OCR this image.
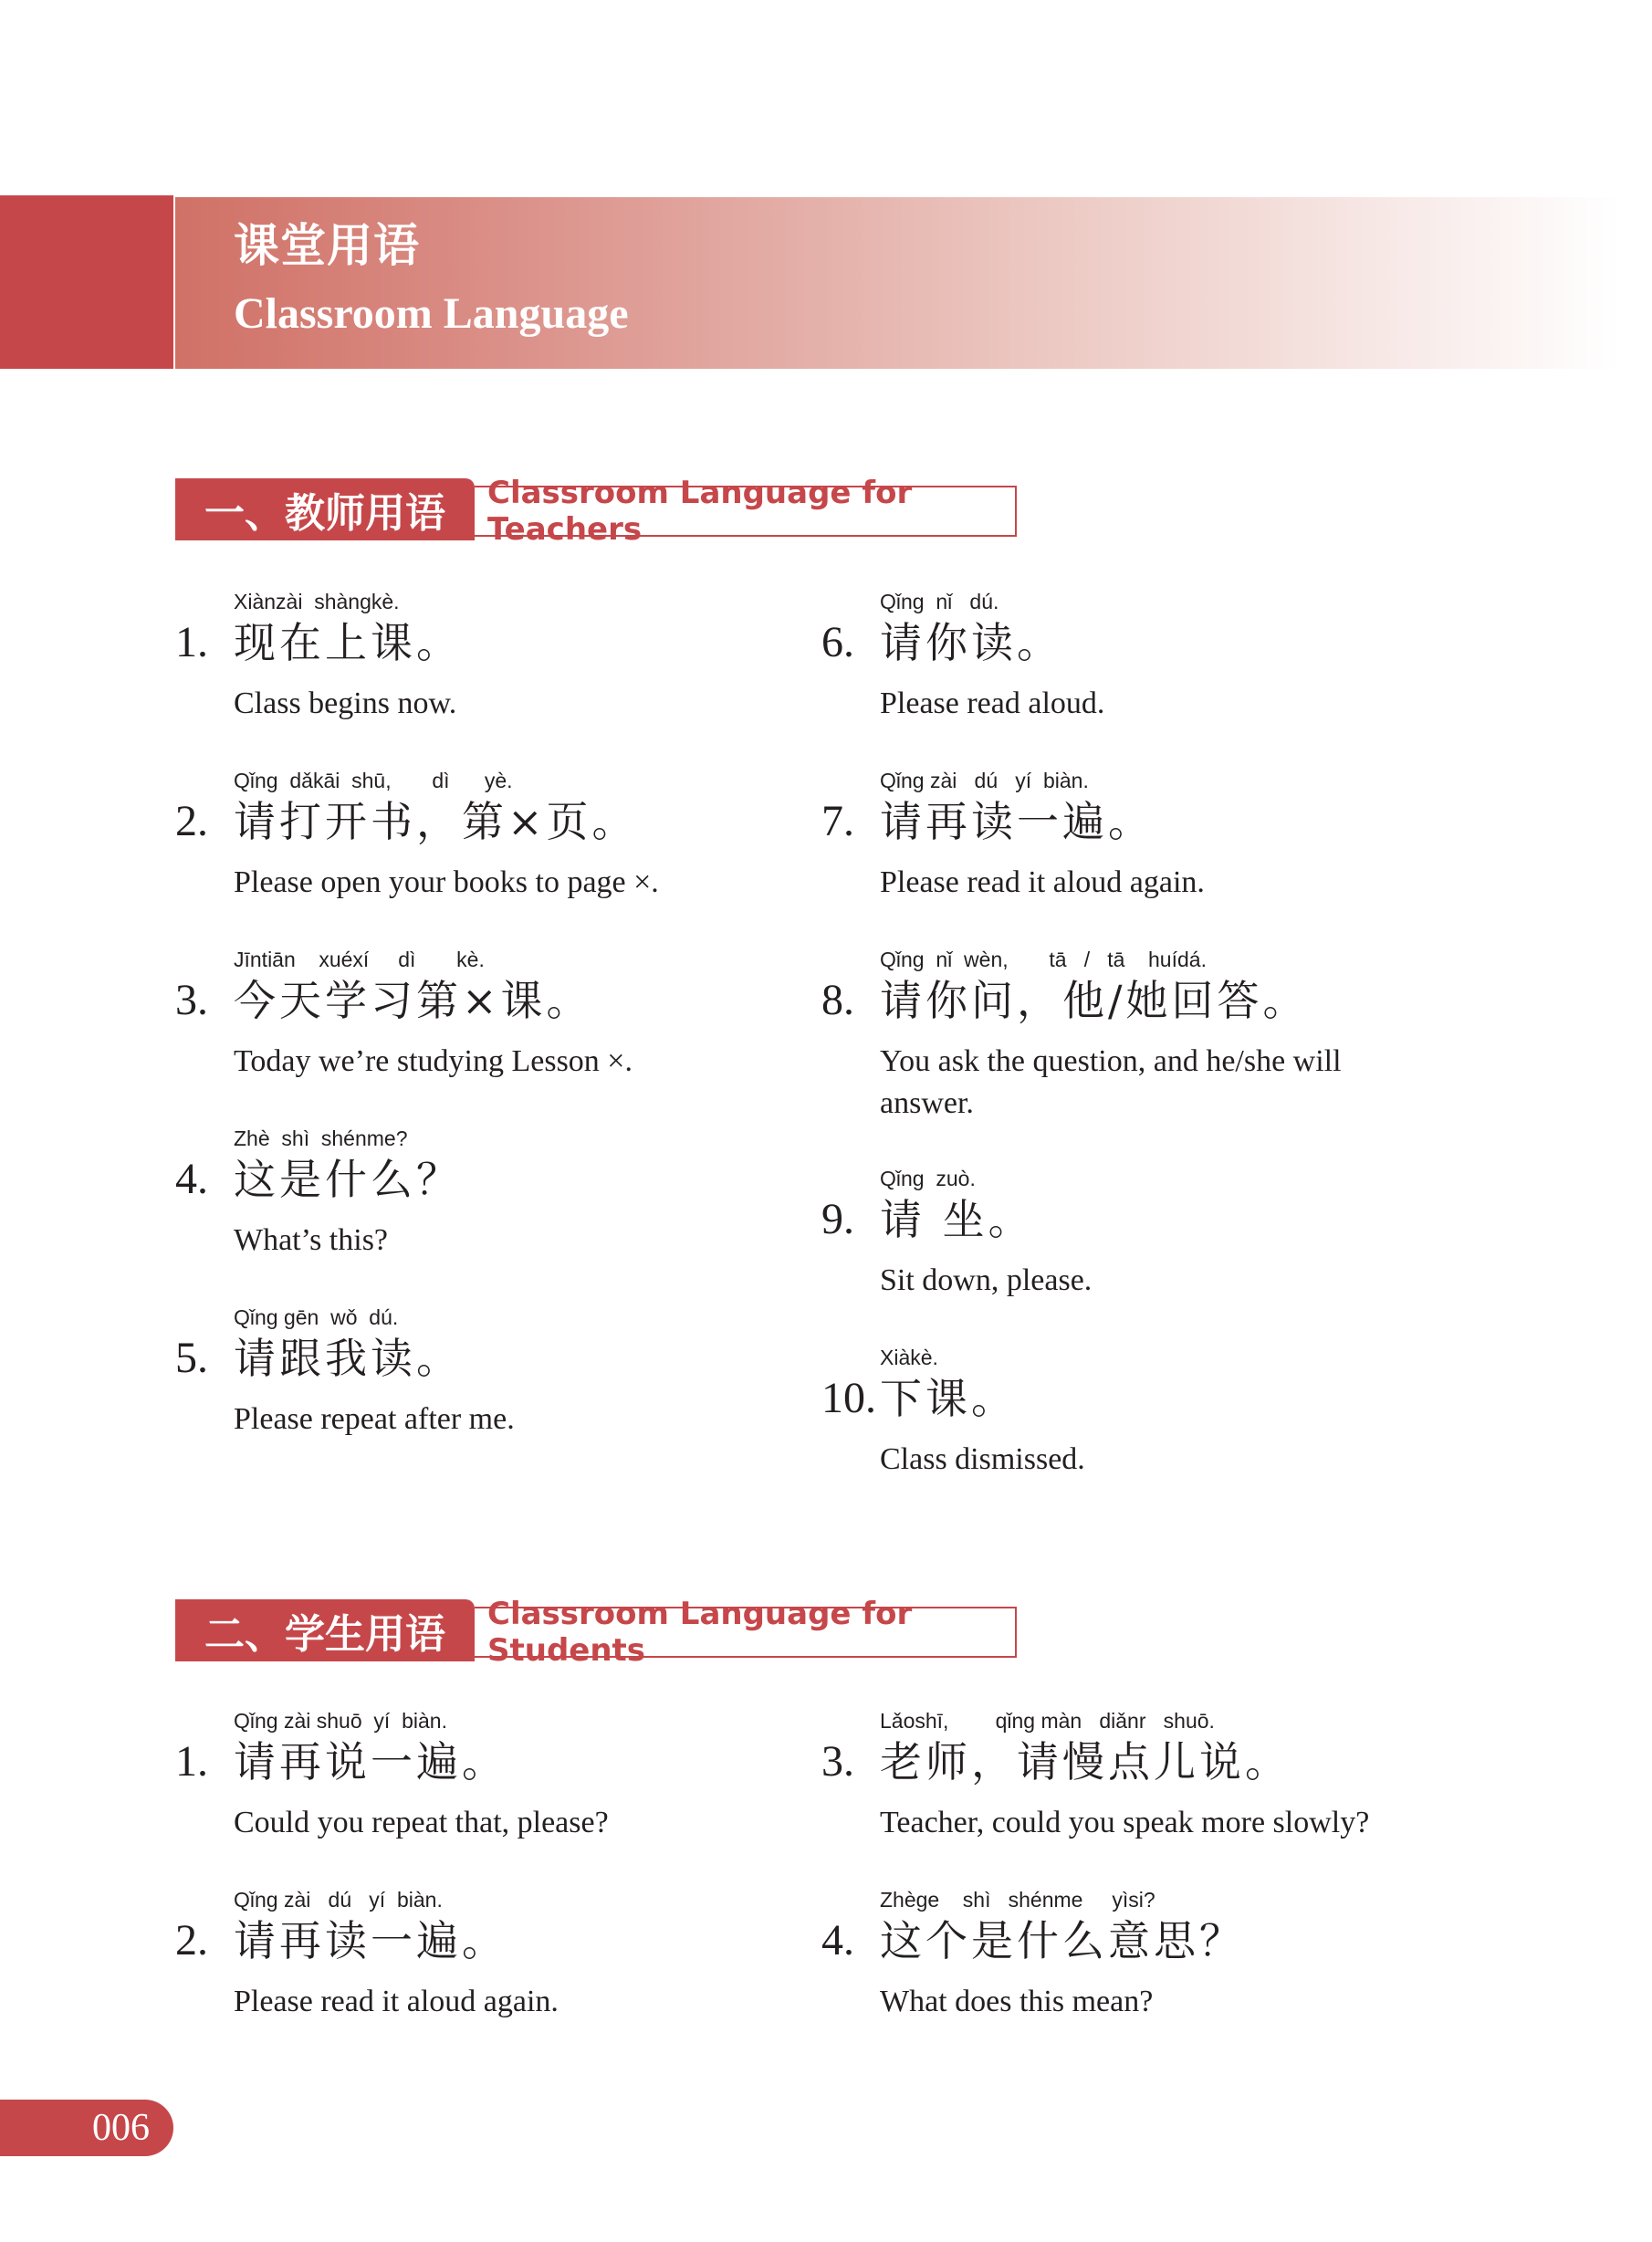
课堂用语
Classroom Language
一、教师用语	Classroom Language for Teachers
Xiànzài  shàngkè.
1. 现在上课。
Class begins now.
Qǐng  dǎkāi  shū,       dì      yè.
2. 请打开书，第×页。
Please open your books to page ×.
Jīntiān    xuéxí     dì       kè.
3. 今天学习第×课。
Today we’re studying Lesson ×.
Zhè  shì  shénme?
4. 这是什么？
What’s this?
Qǐng gēn  wǒ  dú.
5. 请跟我读。
Please repeat after me.
Qǐng  nǐ   dú.
6. 请你读。
Please read aloud.
Qǐng zài   dú   yí  biàn.
7. 请再读一遍。
Please read it aloud again.
Qǐng  nǐ  wèn,       tā   /   tā    huídá.
8. 请你问，他/她回答。
You ask the question, and he/she will answer.
Qǐng  zuò.
9. 请 坐。
Sit down, please.
Xiàkè.
10. 下课。
Class dismissed.
二、学生用语	Classroom Language for Students
Qǐng zài shuō  yí  biàn.
1. 请再说一遍。
Could you repeat that, please?
Qǐng zài   dú   yí  biàn.
2. 请再读一遍。
Please read it aloud again.
Lǎoshī,        qǐng màn   diǎnr   shuō.
3. 老师，请慢点儿说。
Teacher, could you speak more slowly?
Zhège    shì   shénme     yìsi?
4. 这个是什么意思？
What does this mean?
006
